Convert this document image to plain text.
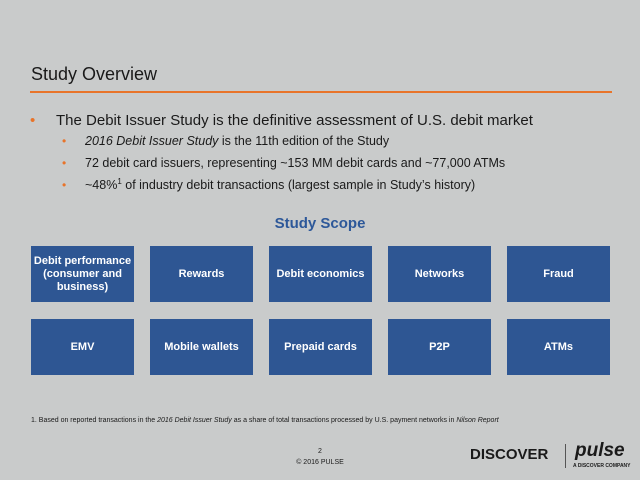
Study Overview
• The Debit Issuer Study is the definitive assessment of U.S. debit market
• 2016 Debit Issuer Study is the 11th edition of the Study
• 72 debit card issuers, representing ~153 MM debit cards and ~77,000 ATMs
• ~48%$^1$ of industry debit transactions (largest sample in Study’s history)
Study Scope
Debit performance (consumer and business)
Rewards	Debit economics	Networks	Fraud
EMV	Mobile wallets	Prepaid cards	P2P	ATMs
1. Based on reported transactions in the 2016 Debit Issuer Study as a share of total transactions processed by U.S. payment networks in Nilson Report
2
© 2016 PULSE	DISCOVER pulse
A DISCOVER COMPANY
